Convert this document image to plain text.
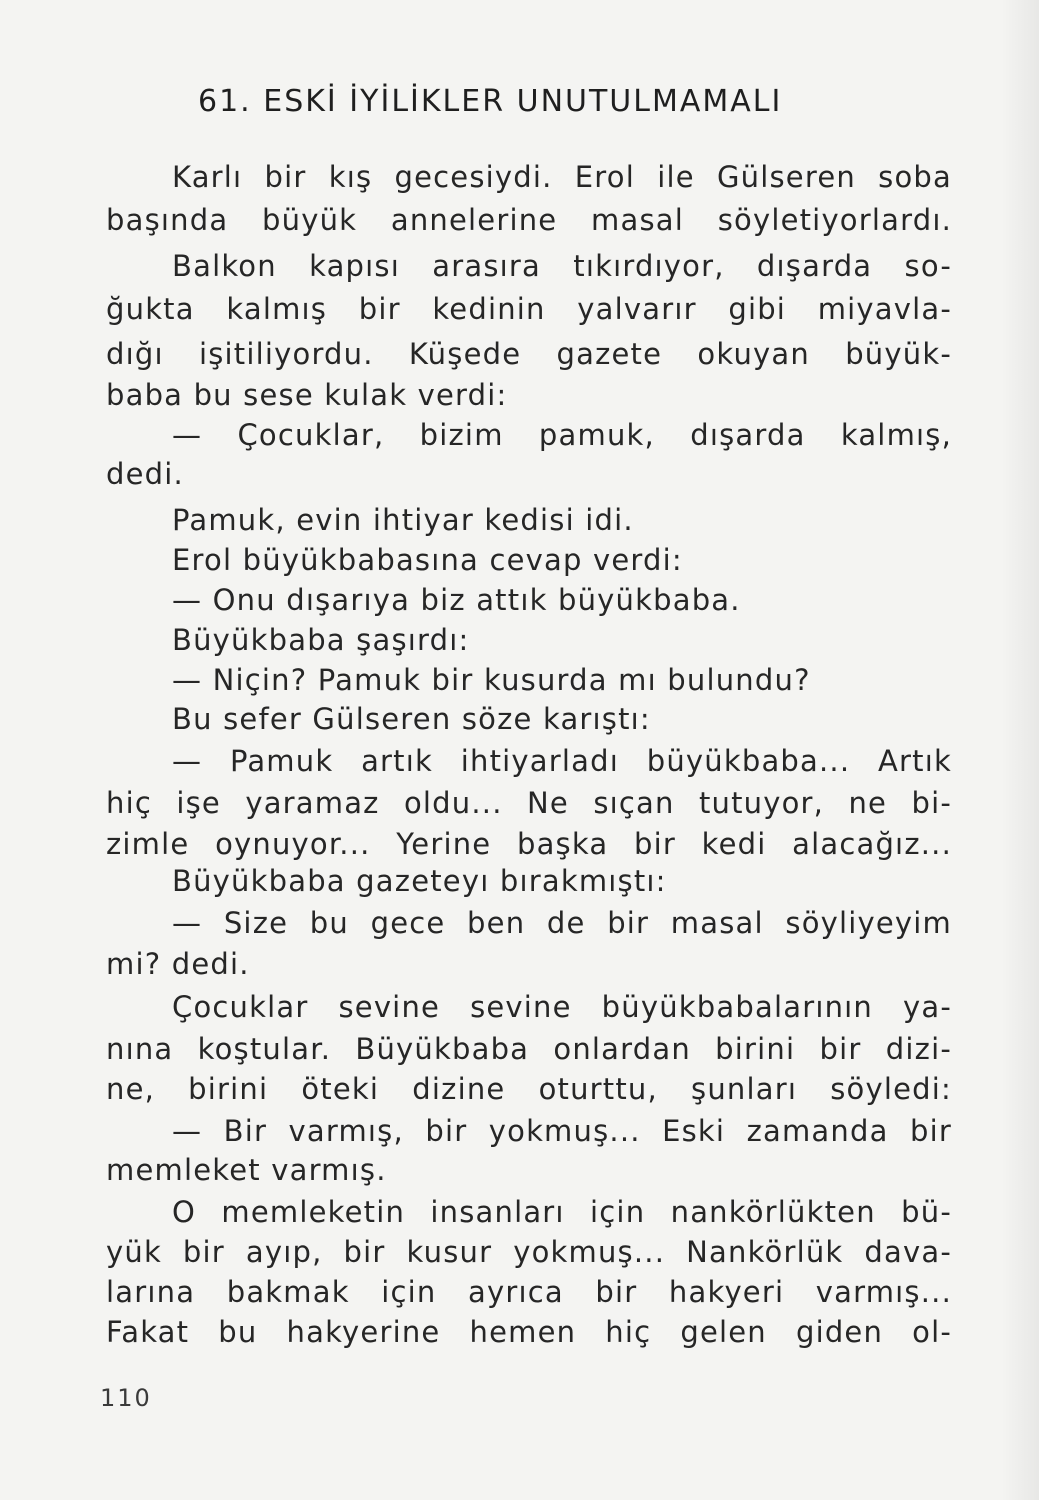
61. ESKİ İYİLİKLER UNUTULMAMALI
Karlı bir kış gecesiydi. Erol ile Gülseren soba
başında büyük annelerine masal söyletiyorlardı.
Balkon kapısı arasıra tıkırdıyor, dışarda so-
ğukta kalmış bir kedinin yalvarır gibi miyavla-
dığı işitiliyordu. Küşede gazete okuyan büyük-
baba bu sese kulak verdi:
— Çocuklar, bizim pamuk, dışarda kalmış,
dedi.
Pamuk, evin ihtiyar kedisi idi.
Erol büyükbabasına cevap verdi:
— Onu dışarıya biz attık büyükbaba.
Büyükbaba şaşırdı:
— Niçin? Pamuk bir kusurda mı bulundu?
Bu sefer Gülseren söze karıştı:
— Pamuk artık ihtiyarladı büyükbaba... Artık
hiç işe yaramaz oldu... Ne sıçan tutuyor, ne bi-
zimle oynuyor... Yerine başka bir kedi alacağız...
Büyükbaba gazeteyı bırakmıştı:
— Size bu gece ben de bir masal söyliyeyim
mi? dedi.
Çocuklar sevine sevine büyükbabalarının ya-
nına koştular. Büyükbaba onlardan birini bir dizi-
ne, birini öteki dizine oturttu, şunları söyledi:
— Bir varmış, bir yokmuş... Eski zamanda bir
memleket varmış.
O memleketin insanları için nankörlükten bü-
yük bir ayıp, bir kusur yokmuş... Nankörlük dava-
larına bakmak için ayrıca bir hakyeri varmış...
Fakat bu hakyerine hemen hiç gelen giden ol-
110
